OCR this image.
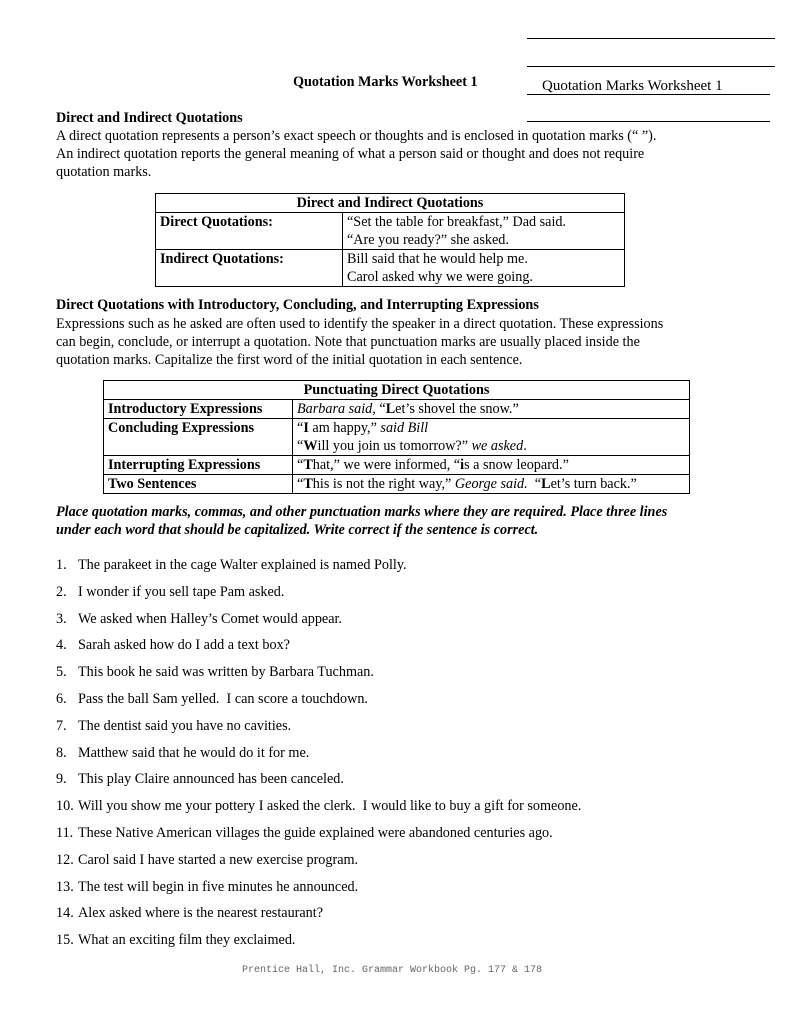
Quotation Marks Worksheet 1	Quotation Marks Worksheet 1
Direct and Indirect Quotations
A direct quotation represents a person’s exact speech or thoughts and is enclosed in quotation marks (“ ”).
An indirect quotation reports the general meaning of what a person said or thought and does not require
quotation marks.
Direct and Indirect Quotations	
Direct Quotations:	“Set the table for breakfast,” Dad said.
“Are you ready?” she asked.

Indirect Quotations:	Bill said that he would help me.
Carol asked why we were going.
Direct Quotations with Introductory, Concluding, and Interrupting Expressions
Expressions such as he asked are often used to identify the speaker in a direct quotation. These expressions
can begin, conclude, or interrupt a quotation. Note that punctuation marks are usually placed inside the
quotation marks. Capitalize the first word of the initial quotation in each sentence.
Punctuating Direct Quotations	
Introductory Expressions	Barbara said, “Let’s shovel the snow.”
Concluding Expressions	“I am happy,” said Bill
“Will you join us tomorrow?” we asked.

Interrupting Expressions	“That,” we were informed, “is a snow leopard.”
Two Sentences	“This is not the right way,” George said.  “Let’s turn back.”
Place quotation marks, commas, and other punctuation marks where they are required. Place three lines
under each word that should be capitalized. Write correct if the sentence is correct.
1. The parakeet in the cage Walter explained is named Polly.
2. I wonder if you sell tape Pam asked.
3. We asked when Halley’s Comet would appear.
4. Sarah asked how do I add a text box?
5. This book he said was written by Barbara Tuchman.
6. Pass the ball Sam yelled.  I can score a touchdown.
7. The dentist said you have no cavities.
8. Matthew said that he would do it for me.
9. This play Claire announced has been canceled.
10. Will you show me your pottery I asked the clerk.  I would like to buy a gift for someone.
11. These Native American villages the guide explained were abandoned centuries ago.
12. Carol said I have started a new exercise program.
13. The test will begin in five minutes he announced.
14. Alex asked where is the nearest restaurant?
15. What an exciting film they exclaimed.
Prentice Hall, Inc. Grammar Workbook Pg. 177 & 178
